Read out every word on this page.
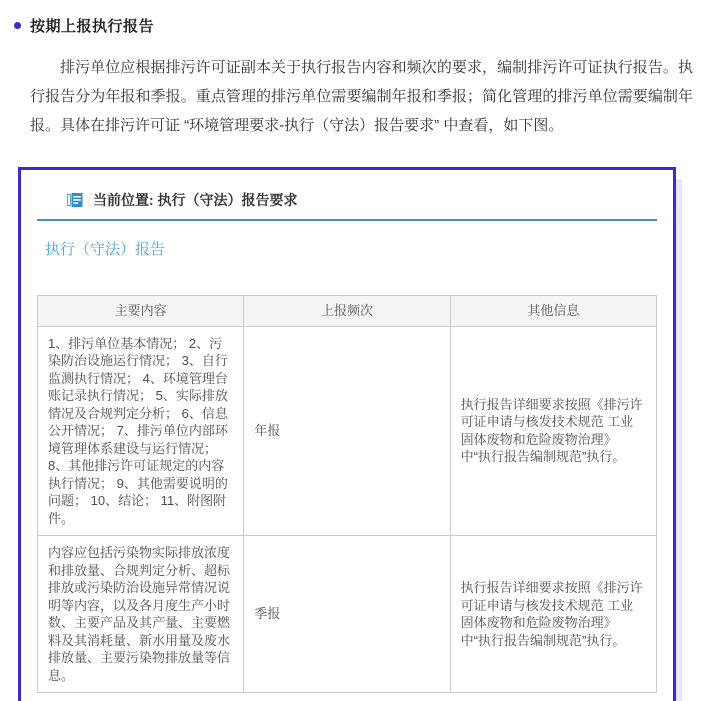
按期上报执行报告

排污单位应根据排污许可证副本关于执行报告内容和频次的要求，编制排污许可证执行报告。执行报告分为年报和季报。重点管理的排污单位需要编制年报和季报；简化管理的排污单位需要编制年报。具体在排污许可证 “环境管理要求-执行（守法）报告要求” 中查看，如下图。

当前位置: 执行（守法）报告要求
执行（守法）报告
主要内容	上报频次	其他信息
1、排污单位基本情况； 2、污染防治设施运行情况； 3、自行监测执行情况； 4、环境管理台账记录执行情况； 5、实际排放情况及合规判定分析； 6、信息公开情况； 7、排污单位内部环境管理体系建设与运行情况； 8、其他排污许可证规定的内容执行情况； 9、其他需要说明的问题； 10、结论； 11、附图附件。	年报	执行报告详细要求按照《排污许可证申请与核发技术规范 工业固体废物和危险废物治理》中“执行报告编制规范”执行。
内容应包括污染物实际排放浓度和排放量、合规判定分析、超标排放或污染防治设施异常情况说明等内容，以及各月度生产小时数、主要产品及其产量、主要燃料及其消耗量、新水用量及废水排放量、主要污染物排放量等信息。	季报	执行报告详细要求按照《排污许可证申请与核发技术规范 工业固体废物和危险废物治理》中“执行报告编制规范”执行。
